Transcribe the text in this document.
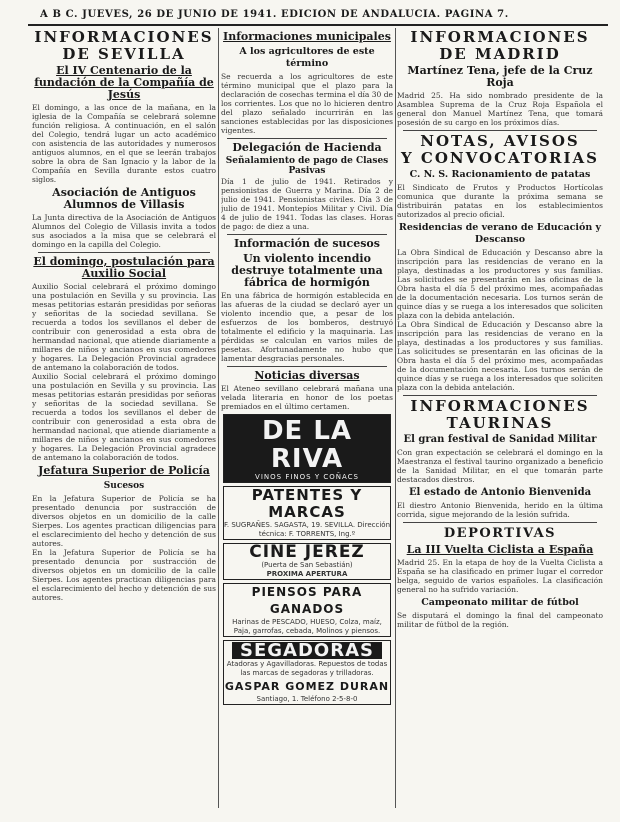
A B C. JUEVES, 26 DE JUNIO DE 1941. EDICION DE ANDALUCIA. PAGINA 7.
INFORMACIONES
DE SEVILLA
El IV Centenario de la fundación de la Compañía de Jesús

El domingo, a las once de la mañana, en la iglesia de la Compañía se celebrará solemne función religiosa. A continuación, en el salón del Colegio, tendrá lugar un acto académico con asistencia de las autoridades y numerosos antiguos alumnos, en el que se leerán trabajos sobre la obra de San Ignacio y la labor de la Compañía en Sevilla durante estos cuatro siglos.

Asociación de Antiguos Alumnos de Villasis

La Junta directiva de la Asociación de Antiguos Alumnos del Colegio de Villasis invita a todos sus asociados a la misa que se celebrará el domingo en la capilla del Colegio.

El domingo, postulación para Auxilio Social

Auxilio Social celebrará el próximo domingo una postulación en Sevilla y su provincia. Las mesas petitorias estarán presididas por señoras y señoritas de la sociedad sevillana. Se recuerda a todos los sevillanos el deber de contribuir con generosidad a esta obra de hermandad nacional, que atiende diariamente a millares de niños y ancianos en sus comedores y hogares. La Delegación Provincial agradece de antemano la colaboración de todos.

Auxilio Social celebrará el próximo domingo una postulación en Sevilla y su provincia. Las mesas petitorias estarán presididas por señoras y señoritas de la sociedad sevillana. Se recuerda a todos los sevillanos el deber de contribuir con generosidad a esta obra de hermandad nacional, que atiende diariamente a millares de niños y ancianos en sus comedores y hogares. La Delegación Provincial agradece de antemano la colaboración de todos.

Jefatura Superior de Policía
Sucesos

En la Jefatura Superior de Policía se ha presentado denuncia por sustracción de diversos objetos en un domicilio de la calle Sierpes. Los agentes practican diligencias para el esclarecimiento del hecho y detención de sus autores.

En la Jefatura Superior de Policía se ha presentado denuncia por sustracción de diversos objetos en un domicilio de la calle Sierpes. Los agentes practican diligencias para el esclarecimiento del hecho y detención de sus autores.

Informaciones municipales
A los agricultores de este término

Se recuerda a los agricultores de este término municipal que el plazo para la declaración de cosechas termina el día 30 de los corrientes. Los que no lo hicieren dentro del plazo señalado incurrirán en las sanciones establecidas por las disposiciones vigentes.

Delegación de Hacienda
Señalamiento de pago de Clases Pasivas

Día 1 de julio de 1941. Retirados y pensionistas de Guerra y Marina. Día 2 de julio de 1941. Pensionistas civiles. Día 3 de julio de 1941. Montepíos Militar y Civil. Día 4 de julio de 1941. Todas las clases. Horas de pago: de diez a una.

Información de sucesos
Un violento incendio destruye totalmente una fábrica de hormigón

En una fábrica de hormigón establecida en las afueras de la ciudad se declaró ayer un violento incendio que, a pesar de los esfuerzos de los bomberos, destruyó totalmente el edificio y la maquinaria. Las pérdidas se calculan en varios miles de pesetas. Afortunadamente no hubo que lamentar desgracias personales.

Noticias diversas

El Ateneo sevillano celebrará mañana una velada literaria en honor de los poetas premiados en el último certamen.

DE LA RIVA
VINOS FINOS Y COÑACS
PATENTES Y MARCAS
F. SUGRAÑES. SAGASTA, 19. SEVILLA. Dirección técnica: F. TORRENTS, Ing.º
CINE JEREZ
(Puerta de San Sebastián)
PROXIMA APERTURA
PIENSOS PARA GANADOS
Harinas de PESCADO, HUESO, Colza, maíz, Paja, garrofas, cebada, Molinos y piensos.
SEGADORAS
Atadoras y Agavilladoras. Repuestos de todas las marcas de segadoras y trilladoras.
GASPAR GOMEZ DURAN
Santiago, 1. Teléfono 2-5-8-0
INFORMACIONES
DE MADRID
Martínez Tena, jefe de la Cruz Roja

Madrid 25. Ha sido nombrado presidente de la Asamblea Suprema de la Cruz Roja Española el general don Manuel Martínez Tena, que tomará posesión de su cargo en los próximos días.

NOTAS, AVISOS
Y CONVOCATORIAS
C. N. S. Racionamiento de patatas

El Sindicato de Frutos y Productos Hortícolas comunica que durante la próxima semana se distribuirán patatas en los establecimientos autorizados al precio oficial.

Residencias de verano de Educación y Descanso

La Obra Sindical de Educación y Descanso abre la inscripción para las residencias de verano en la playa, destinadas a los productores y sus familias. Las solicitudes se presentarán en las oficinas de la Obra hasta el día 5 del próximo mes, acompañadas de la documentación necesaria. Los turnos serán de quince días y se ruega a los interesados que soliciten plaza con la debida antelación.

La Obra Sindical de Educación y Descanso abre la inscripción para las residencias de verano en la playa, destinadas a los productores y sus familias. Las solicitudes se presentarán en las oficinas de la Obra hasta el día 5 del próximo mes, acompañadas de la documentación necesaria. Los turnos serán de quince días y se ruega a los interesados que soliciten plaza con la debida antelación.

INFORMACIONES
TAURINAS
El gran festival de Sanidad Militar

Con gran expectación se celebrará el domingo en la Maestranza el festival taurino organizado a beneficio de la Sanidad Militar, en el que tomarán parte destacados diestros.

El estado de Antonio Bienvenida

El diestro Antonio Bienvenida, herido en la última corrida, sigue mejorando de la lesión sufrida.

DEPORTIVAS
La III Vuelta Ciclista a España

Madrid 25. En la etapa de hoy de la Vuelta Ciclista a España se ha clasificado en primer lugar el corredor belga, seguido de varios españoles. La clasificación general no ha sufrido variación.

Campeonato militar de fútbol

Se disputará el domingo la final del campeonato militar de fútbol de la región.
